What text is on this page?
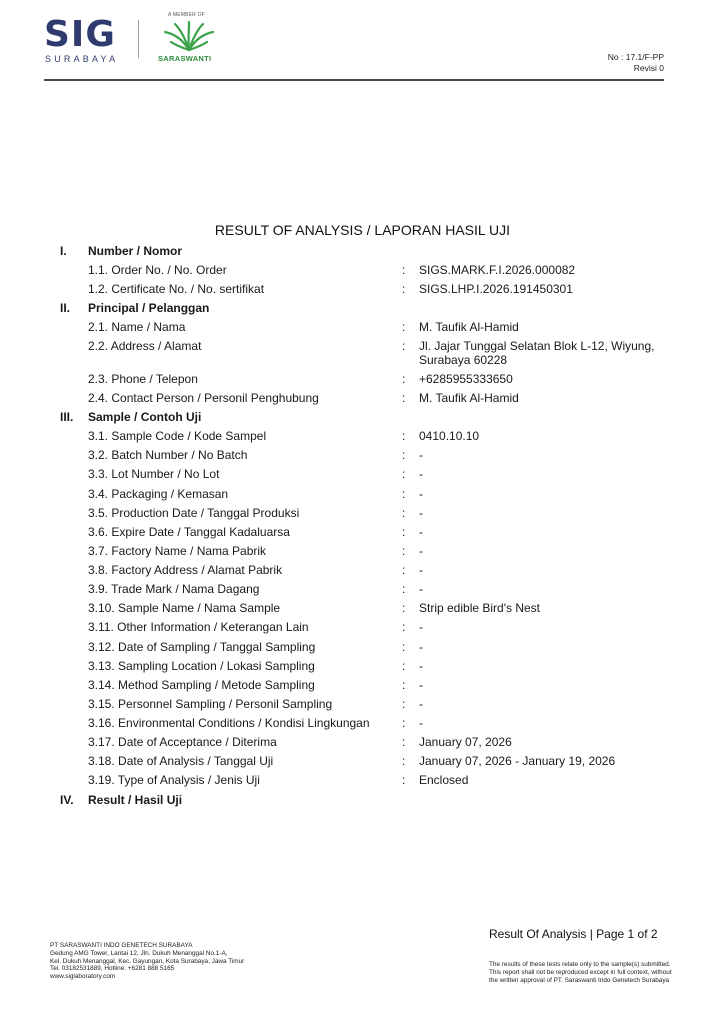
SIG
SURABAYA
A MEMBER OF
SARASWANTI	No : 17.1/F-PP
Revisi 0
RESULT OF ANALYSIS / LAPORAN HASIL UJI
I. Number / Nomor
1.1. Order No. / No. Order	: SIGS.MARK.F.I.2026.000082
1.2. Certificate No. / No. sertifikat	: SIGS.LHP.I.2026.191450301
II. Principal / Pelanggan
2.1. Name / Nama	: M. Taufik Al-Hamid
2.2. Address / Alamat	: Jl. Jajar Tunggal Selatan Blok L-12, Wiyung, Surabaya 60228
2.3. Phone / Telepon	: +6285955333650
2.4. Contact Person / Personil Penghubung	: M. Taufik Al-Hamid
III. Sample / Contoh Uji
3.1. Sample Code / Kode Sampel	: 0410.10.10
3.2. Batch Number / No Batch	: -
3.3. Lot Number / No Lot	: -
3.4. Packaging / Kemasan	: -
3.5. Production Date / Tanggal Produksi	: -
3.6. Expire Date / Tanggal Kadaluarsa	: -
3.7. Factory Name / Nama Pabrik	: -
3.8. Factory Address / Alamat Pabrik	: -
3.9. Trade Mark / Nama Dagang	: -
3.10. Sample Name / Nama Sample	: Strip edible Bird's Nest
3.11. Other Information / Keterangan Lain	: -
3.12. Date of Sampling / Tanggal Sampling	: -
3.13. Sampling Location / Lokasi Sampling	: -
3.14. Method Sampling / Metode Sampling	: -
3.15. Personnel Sampling / Personil Sampling	: -
3.16. Environmental Conditions / Kondisi Lingkungan	: -
3.17. Date of Acceptance / Diterima	: January 07, 2026
3.18. Date of Analysis / Tanggal Uji	: January 07, 2026 - January 19, 2026
3.19. Type of Analysis / Jenis Uji	: Enclosed
IV. Result / Hasil Uji
Result Of Analysis | Page 1 of 2
PT SARASWANTI INDO GENETECH SURABAYA
Gedung AMG Tower, Lantai 12, Jln. Dukuh Menanggal No.1-A,
Kel. Dukuh Menanggal, Kec. Gayungan, Kota Surabaya, Jawa Timur
Tel. 03182531889, Hotline. +6281 888 5165
www.siglaboratory.com
The results of these tests relate only to the sample(s) submitted.
This report shall not be reproduced except in full context, without
the written approval of PT. Saraswanti Indo Genetech Surabaya
